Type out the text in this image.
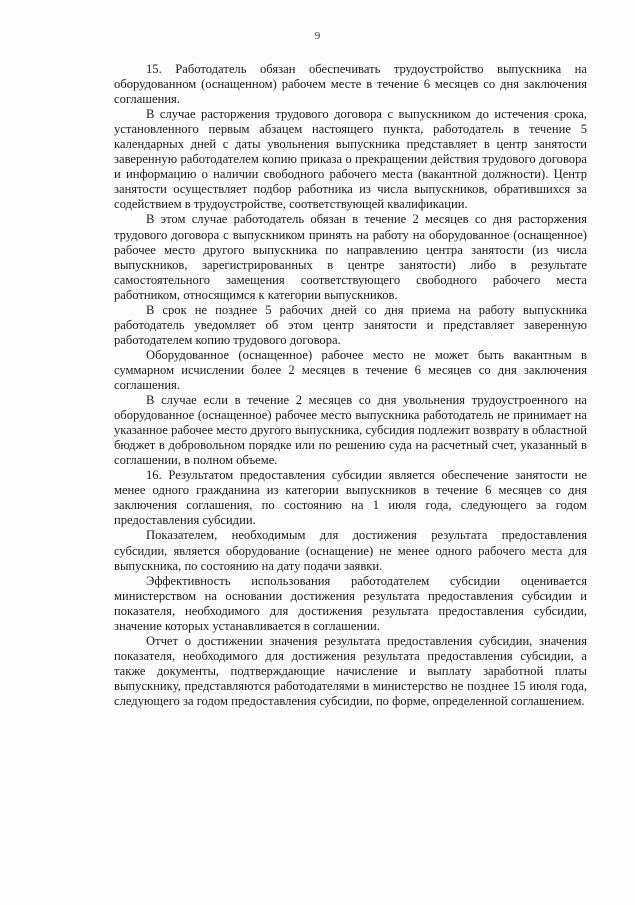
9

15. Работодатель обязан обеспечивать трудоустройство выпускника на оборудованном (оснащенном) рабочем месте в течение 6 месяцев со дня заключения соглашения.

В случае расторжения трудового договора с выпускником до истечения срока, установленного первым абзацем настоящего пункта, работодатель в течение 5 календарных дней с даты увольнения выпускника представляет в центр занятости заверенную работодателем копию приказа о прекращении действия трудового договора и информацию о наличии свободного рабочего места (вакантной должности). Центр занятости осуществляет подбор работника из числа выпускников, обратившихся за содействием в трудоустройстве, соответствующей квалификации.

В этом случае работодатель обязан в течение 2 месяцев со дня расторжения трудового договора с выпускником принять на работу на оборудованное (оснащенное) рабочее место другого выпускника по направлению центра занятости (из числа выпускников, зарегистрированных в центре занятости) либо в результате самостоятельного замещения соответствующего свободного рабочего места работником, относящимся к категории выпускников.

В срок не позднее 5 рабочих дней со дня приема на работу выпускника работодатель уведомляет об этом центр занятости и представляет заверенную работодателем копию трудового договора.

Оборудованное (оснащенное) рабочее место не может быть вакантным в суммарном исчислении более 2 месяцев в течение 6 месяцев со дня заключения соглашения.

В случае если в течение 2 месяцев со дня увольнения трудоустроенного на оборудованное (оснащенное) рабочее место выпускника работодатель не принимает на указанное рабочее место другого выпускника, субсидия подлежит возврату в областной бюджет в добровольном порядке или по решению суда на расчетный счет, указанный в соглашении, в полном объеме.

16. Результатом предоставления субсидии является обеспечение занятости не менее одного гражданина из категории выпускников в течение 6 месяцев со дня заключения соглашения, по состоянию на 1 июля года, следующего за годом предоставления субсидии.

Показателем, необходимым для достижения результата предоставления субсидии, является оборудование (оснащение) не менее одного рабочего места для выпускника, по состоянию на дату подачи заявки.

Эффективность использования работодателем субсидии оценивается министерством на основании достижения результата предоставления субсидии и показателя, необходимого для достижения результата предоставления субсидии, значение которых устанавливается в соглашении.

Отчет о достижении значения результата предоставления субсидии, значения показателя, необходимого для достижения результата предоставления субсидии, а также документы, подтверждающие начисление и выплату заработной платы выпускнику, представляются работодателями в министерство не позднее 15 июля года, следующего за годом предоставления субсидии, по форме, определенной соглашением.
